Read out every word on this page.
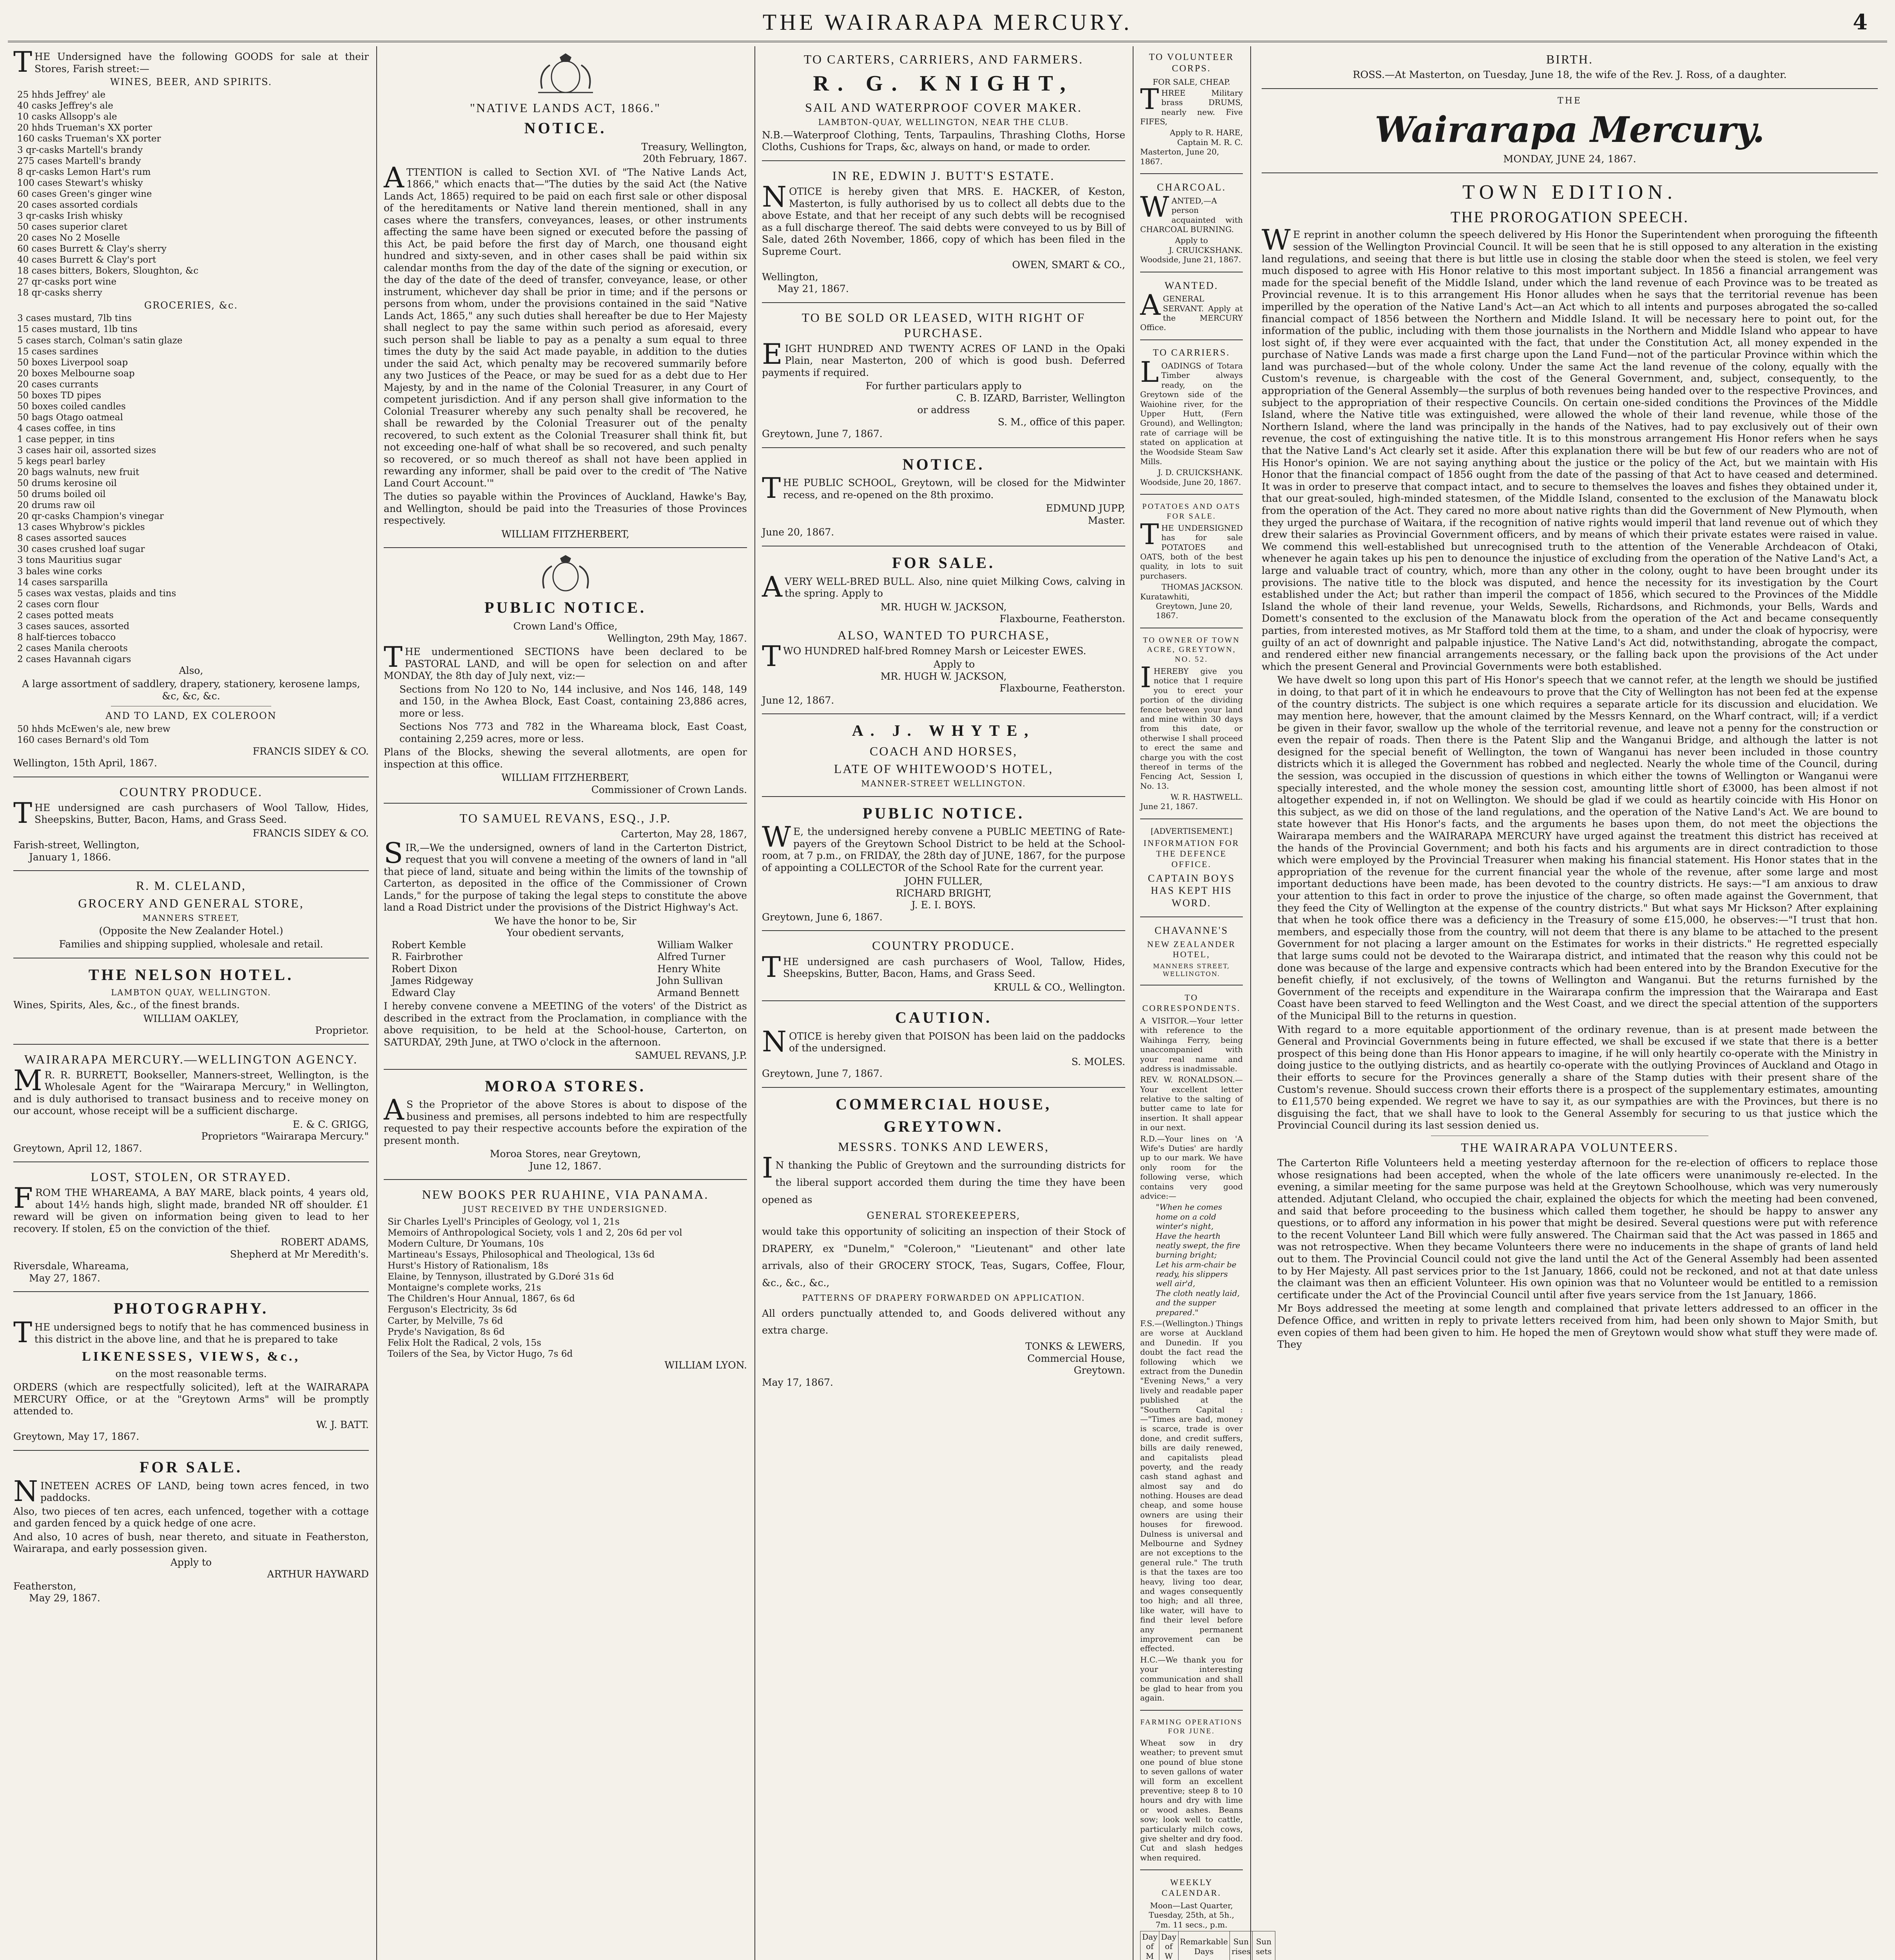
THE WAIRARAPA MERCURY.	4

THE Undersigned have the following GOODS for sale at their Stores, Farish street:—

WINES, BEER, AND SPIRITS.
25 hhds Jeffrey' ale
40 casks Jeffrey's ale
10 casks Allsopp's ale
20 hhds Trueman's XX porter
160 casks Trueman's XX porter
3 qr-casks Martell's brandy
275 cases Martell's brandy
8 qr-casks Lemon Hart's rum
100 cases Stewart's whisky
60 cases Green's ginger wine
20 cases assorted cordials
3 qr-casks Irish whisky
50 cases superior claret
20 cases No 2 Moselle
60 cases Burrett & Clay's sherry
40 cases Burrett & Clay's port
18 cases bitters, Bokers, Sloughton, &c
27 qr-casks port wine
18 qr-casks sherry
GROCERIES, &c.
3 cases mustard, 7lb tins
15 cases mustard, 1lb tins
5 cases starch, Colman's satin glaze
15 cases sardines
50 boxes Liverpool soap
20 boxes Melbourne soap
20 cases currants
50 boxes TD pipes
50 boxes coiled candles
50 bags Otago oatmeal
4 cases coffee, in tins
1 case pepper, in tins
3 cases hair oil, assorted sizes
5 kegs pearl barley
20 bags walnuts, new fruit
50 drums kerosine oil
50 drums boiled oil
20 drums raw oil
20 qr-casks Champion's vinegar
13 cases Whybrow's pickles
8 cases assorted sauces
30 cases crushed loaf sugar
3 tons Mauritius sugar
3 bales wine corks
14 cases sarsparilla
5 cases wax vestas, plaids and tins
2 cases corn flour
2 cases potted meats
3 cases sauces, assorted
8 half-tierces tobacco
2 cases Manila cheroots
2 cases Havannah cigars
Also,

A large assortment of saddlery, drapery, stationery, kerosene lamps, &c, &c, &c.

AND TO LAND, EX COLEROON
50 hhds McEwen's ale, new brew
160 cases Bernard's old Tom
FRANCIS SIDEY & CO.
Wellington, 15th April, 1867.
COUNTRY PRODUCE.

THE undersigned are cash purchasers of Wool Tallow, Hides, Sheepskins, Butter, Bacon, Hams, and Grass Seed.

FRANCIS SIDEY & CO.
Farish-street, Wellington,
January 1, 1866.
R. M. CLELAND,
GROCERY AND GENERAL STORE,
MANNERS STREET,
(Opposite the New Zealander Hotel.)

Families and shipping supplied, wholesale and retail.

THE NELSON HOTEL.
LAMBTON QUAY, WELLINGTON.

Wines, Spirits, Ales, &c., of the finest brands.

WILLIAM OAKLEY,
Proprietor.
WAIRARAPA MERCURY.—WELLINGTON AGENCY.

MR. R. BURRETT, Bookseller, Manners-street, Wellington, is the Wholesale Agent for the "Wairarapa Mercury," in Wellington, and is duly authorised to transact business and to receive money on our account, whose receipt will be a sufficient discharge.

E. & C. GRIGG,
Proprietors "Wairarapa Mercury."
Greytown, April 12, 1867.
LOST, STOLEN, OR STRAYED.

FROM THE WHAREAMA, A BAY MARE, black points, 4 years old, about 14½ hands high, slight made, branded NR off shoulder. £1 reward will be given on information being given to lead to her recovery. If stolen, £5 on the conviction of the thief.

ROBERT ADAMS,
Shepherd at Mr Meredith's.
Riversdale, Whareama,
May 27, 1867.
PHOTOGRAPHY.

THE undersigned begs to notify that he has commenced business in this district in the above line, and that he is prepared to take

LIKENESSES, VIEWS, &c.,
on the most reasonable terms.

ORDERS (which are respectfully solicited), left at the WAIRARAPA MERCURY Office, or at the "Greytown Arms" will be promptly attended to.

W. J. BATT.
Greytown, May 17, 1867.
FOR SALE.

NINETEEN ACRES OF LAND, being town acres fenced, in two paddocks.

Also, two pieces of ten acres, each unfenced, together with a cottage and garden fenced by a quick hedge of one acre.

And also, 10 acres of bush, near thereto, and situate in Featherston, Wairarapa, and early possession given.

Apply to
ARTHUR HAYWARD
Featherston,
May 29, 1867.
"NATIVE LANDS ACT, 1866."
NOTICE.
Treasury, Wellington,
20th February, 1867.

ATTENTION is called to Section XVI. of "The Native Lands Act, 1866," which enacts that—"The duties by the said Act (the Native Lands Act, 1865) required to be paid on each first sale or other disposal of the hereditaments or Native land therein mentioned, shall in any cases where the transfers, conveyances, leases, or other instruments affecting the same have been signed or executed before the passing of this Act, be paid before the first day of March, one thousand eight hundred and sixty-seven, and in other cases shall be paid within six calendar months from the day of the date of the signing or execution, or the day of the date of the deed of transfer, conveyance, lease, or other instrument, whichever day shall be prior in time; and if the persons or persons from whom, under the provisions contained in the said "Native Lands Act, 1865," any such duties shall hereafter be due to Her Majesty shall neglect to pay the same within such period as aforesaid, every such person shall be liable to pay as a penalty a sum equal to three times the duty by the said Act made payable, in addition to the duties under the said Act, which penalty may be recovered summarily before any two Justices of the Peace, or may be sued for as a debt due to Her Majesty, by and in the name of the Colonial Treasurer, in any Court of competent jurisdiction. And if any person shall give information to the Colonial Treasurer whereby any such penalty shall be recovered, he shall be rewarded by the Colonial Treasurer out of the penalty recovered, to such extent as the Colonial Treasurer shall think fit, but not exceeding one-half of what shall be so recovered, and such penalty so recovered, or so much thereof as shall not have been applied in rewarding any informer, shall be paid over to the credit of 'The Native Land Court Account.'"

The duties so payable within the Provinces of Auckland, Hawke's Bay, and Wellington, should be paid into the Treasuries of those Provinces respectively.

WILLIAM FITZHERBERT,
PUBLIC NOTICE.
Crown Land's Office,
Wellington, 29th May, 1867.

THE undermentioned SECTIONS have been declared to be PASTORAL LAND, and will be open for selection on and after MONDAY, the 8th day of July next, viz:—

Sections from No 120 to No, 144 inclusive, and Nos 146, 148, 149 and 150, in the Awhea Block, East Coast, containing 23,886 acres, more or less.

Sections Nos 773 and 782 in the Whareama block, East Coast, containing 2,259 acres, more or less.

Plans of the Blocks, shewing the several allotments, are open for inspection at this office.

WILLIAM FITZHERBERT,
Commissioner of Crown Lands.
TO SAMUEL REVANS, ESQ., J.P.
Carterton, May 28, 1867,

SIR,—We the undersigned, owners of land in the Carterton District, request that you will convene a meeting of the owners of land in "all that piece of land, situate and being within the limits of the township of Carterton, as deposited in the office of the Commissioner of Crown Lands," for the purpose of taking the legal steps to constitute the above land a Road District under the provisions of the District Highway's Act.

We have the honor to be, Sir
Your obedient servants,
Robert Kemble
R. Fairbrother
Robert Dixon
James Ridgeway
Edward Clay
William Walker
Alfred Turner
Henry White
John Sullivan
Armand Bennett

I hereby convene convene a MEETING of the voters' of the District as described in the extract from the Proclamation, in compliance with the above requisition, to be held at the School-house, Carterton, on SATURDAY, 29th June, at TWO o'clock in the afternoon.

SAMUEL REVANS, J.P.
MOROA STORES.

AS the Proprietor of the above Stores is about to dispose of the business and premises, all persons indebted to him are respectfully requested to pay their respective accounts before the expiration of the present month.

Moroa Stores, near Greytown,
June 12, 1867.
NEW BOOKS PER RUAHINE, VIA PANAMA.
JUST RECEIVED BY THE UNDERSIGNED.
Sir Charles Lyell's Principles of Geology, vol 1, 21s
Memoirs of Anthropological Society, vols 1 and 2, 20s 6d per vol
Modern Culture, Dr Youmans, 10s
Martineau's Essays, Philosophical and Theological, 13s 6d
Hurst's History of Rationalism, 18s
Elaine, by Tennyson, illustrated by G.Doré 31s 6d
Montaigne's complete works, 21s
The Children's Hour Annual, 1867, 6s 6d
Ferguson's Electricity, 3s 6d
Carter, by Melville, 7s 6d
Pryde's Navigation, 8s 6d
Felix Holt the Radical, 2 vols, 15s
Toilers of the Sea, by Victor Hugo, 7s 6d
WILLIAM LYON.
TO CARTERS, CARRIERS, AND FARMERS.
R. G. KNIGHT,
SAIL AND WATERPROOF COVER MAKER.
LAMBTON-QUAY, WELLINGTON, NEAR THE CLUB.

N.B.—Waterproof Clothing, Tents, Tarpaulins, Thrashing Cloths, Horse Cloths, Cushions for Traps, &c, always on hand, or made to order.

IN RE, EDWIN J. BUTT'S ESTATE.

NOTICE is hereby given that MRS. E. HACKER, of Keston, Masterton, is fully authorised by us to collect all debts due to the above Estate, and that her receipt of any such debts will be recognised as a full discharge thereof. The said debts were conveyed to us by Bill of Sale, dated 26th November, 1866, copy of which has been filed in the Supreme Court.

OWEN, SMART & CO.,
Wellington,
May 21, 1867.
TO BE SOLD OR LEASED, WITH RIGHT OF PURCHASE.

EIGHT HUNDRED AND TWENTY ACRES OF LAND in the Opaki Plain, near Masterton, 200 of which is good bush. Deferred payments if required.

For further particulars apply to
C. B. IZARD, Barrister, Wellington
or address
S. M., office of this paper.
Greytown, June 7, 1867.
NOTICE.

THE PUBLIC SCHOOL, Greytown, will be closed for the Midwinter recess, and re-opened on the 8th proximo.

EDMUND JUPP,
Master.
June 20, 1867.
FOR SALE.

AVERY WELL-BRED BULL. Also, nine quiet Milking Cows, calving in the spring. Apply to

MR. HUGH W. JACKSON,
Flaxbourne, Featherston.
ALSO, WANTED TO PURCHASE,

TWO HUNDRED half-bred Romney Marsh or Leicester EWES.

Apply to
MR. HUGH W. JACKSON,
Flaxbourne, Featherston.
June 12, 1867.
A. J. WHYTE,
COACH AND HORSES,
LATE OF WHITEWOOD'S HOTEL,
MANNER-STREET WELLINGTON.
PUBLIC NOTICE.

WE, the undersigned hereby convene a PUBLIC MEETING of Rate-payers of the Greytown School District to be held at the School-room, at 7 p.m., on FRIDAY, the 28th day of JUNE, 1867, for the purpose of appointing a COLLECTOR of the School Rate for the current year.

JOHN FULLER,
RICHARD BRIGHT,
J. E. I. BOYS.
Greytown, June 6, 1867.
COUNTRY PRODUCE.

THE undersigned are cash purchasers of Wool, Tallow, Hides, Sheepskins, Butter, Bacon, Hams, and Grass Seed.

KRULL & CO., Wellington.
CAUTION.

NOTICE is hereby given that POISON has been laid on the paddocks of the undersigned.

S. MOLES.
Greytown, June 7, 1867.
COMMERCIAL HOUSE,
GREYTOWN.
MESSRS. TONKS AND LEWERS,

IN thanking the Public of Greytown and the surrounding districts for the liberal support accorded them during the time they have been opened as

GENERAL STOREKEEPERS,

would take this opportunity of soliciting an inspection of their Stock of DRAPERY, ex "Dunelm," "Coleroon," "Lieutenant" and other late arrivals, also of their GROCERY STOCK, Teas, Sugars, Coffee, Flour, &c., &c., &c.,

PATTERNS OF DRAPERY FORWARDED ON APPLICATION.

All orders punctually attended to, and Goods delivered without any extra charge.

TONKS & LEWERS,
Commercial House,
Greytown.
May 17, 1867.
TO VOLUNTEER CORPS.
FOR SALE, CHEAP.

THREE Military brass DRUMS, nearly new. Five FIFES,

Apply to R. HARE,
Captain M. R. C.
Masterton, June 20, 1867.
CHARCOAL.

WANTED,—A person acquainted with CHARCOAL BURNING.

Apply to
J. CRUICKSHANK.
Woodside, June 21, 1867.
WANTED.

AGENERAL SERVANT. Apply at the MERCURY Office.

TO CARRIERS.

LOADINGS of Totara Timber always ready, on the Greytown side of the Waiohine river, for the Upper Hutt, (Fern Ground), and Wellington; rate of carriage will be stated on application at the Woodside Steam Saw Mills.

J. D. CRUICKSHANK.
Woodside, June 20, 1867.
POTATOES AND OATS FOR SALE.

THE UNDERSIGNED has for sale POTATOES and OATS, both of the best quality, in lots to suit purchasers.

THOMAS JACKSON.
Kuratawhiti,
Greytown, June 20, 1867.
TO OWNER OF TOWN ACRE, GREYTOWN, NO. 52.

IHEREBY give you notice that I require you to erect your portion of the dividing fence between your land and mine within 30 days from this date, or otherwise I shall proceed to erect the same and charge you with the cost thereof in terms of the Fencing Act, Session I, No. 13.

W. R. HASTWELL.
June 21, 1867.
[ADVERTISEMENT.]
INFORMATION FOR THE DEFENCE OFFICE.
CAPTAIN BOYS HAS KEPT HIS WORD.
CHAVANNE'S
NEW ZEALANDER HOTEL,
MANNERS STREET, WELLINGTON.
TO CORRESPONDENTS.

A VISITOR.—Your letter with reference to the Waihinga Ferry, being unaccompanied with your real name and address is inadmissable.

REV. W. RONALDSON.—Your excellent letter relative to the salting of butter came to late for insertion. It shall appear in our next.

R.D.—Your lines on 'A Wife's Duties' are hardly up to our mark. We have only room for the following verse, which contains very good advice:—

"When he comes home on a cold winter's night,
Have the hearth neatly swept, the fire burning bright;
Let his arm-chair be ready, his slippers well air'd,
The cloth neatly laid, and the supper prepared."

F.S.—(Wellington.) Things are worse at Auckland and Dunedin. If you doubt the fact read the following which we extract from the Dunedin "Evening News," a very lively and readable paper published at the "Southern Capital :—"Times are bad, money is scarce, trade is over done, and credit suffers, bills are daily renewed, and capitalists plead poverty, and the ready cash stand aghast and almost say and do nothing. Houses are dead cheap, and some house owners are using their houses for firewood. Dulness is universal and Melbourne and Sydney are not exceptions to the general rule." The truth is that the taxes are too heavy, living too dear, and wages consequently too high; and all three, like water, will have to find their level before any permanent improvement can be effected.

H.C.—We thank you for your interesting communication and shall be glad to hear from you again.

FARMING OPERATIONS FOR JUNE.

Wheat sow in dry weather; to prevent smut one pound of blue stone to seven gallons of water will form an excellent preventive; steep 8 to 10 hours and dry with lime or wood ashes. Beans sow; look well to cattle, particularly milch cows, give shelter and dry food. Cut and slash hedges when required.

WEEKLY CALENDAR.

Moon—Last Quarter, Tuesday, 25th, at 5h., 7m. 11 secs., p.m.

Day of M	Day of W	Remarkable Days	Sun rises	Sun sets

BIRTH.

ROSS.—At Masterton, on Tuesday, June 18, the wife of the Rev. J. Ross, of a daughter.

THE
Wairarapa Mercury.
MONDAY, JUNE 24, 1867.
TOWN EDITION.
THE PROROGATION SPEECH.

WE reprint in another column the speech delivered by His Honor the Superintendent when proroguing the fifteenth session of the Wellington Provincial Council. It will be seen that he is still opposed to any alteration in the existing land regulations, and seeing that there is but little use in closing the stable door when the steed is stolen, we feel very much disposed to agree with His Honor relative to this most important subject. In 1856 a financial arrangement was made for the special benefit of the Middle Island, under which the land revenue of each Province was to be treated as Provincial revenue. It is to this arrangement His Honor alludes when he says that the territorial revenue has been imperilled by the operation of the Native Land's Act—an Act which to all intents and purposes abrogated the so-called financial compact of 1856 between the Northern and Middle Island. It will be necessary here to point out, for the information of the public, including with them those journalists in the Northern and Middle Island who appear to have lost sight of, if they were ever acquainted with the fact, that under the Constitution Act, all money expended in the purchase of Native Lands was made a first charge upon the Land Fund—not of the particular Province within which the land was purchased—but of the whole colony. Under the same Act the land revenue of the colony, equally with the Custom's revenue, is chargeable with the cost of the General Government, and, subject, consequently, to the appropriation of the General Assembly—the surplus of both revenues being handed over to the respective Provinces, and subject to the appropriation of their respective Councils. On certain one-sided conditions the Provinces of the Middle Island, where the Native title was extinguished, were allowed the whole of their land revenue, while those of the Northern Island, where the land was principally in the hands of the Natives, had to pay exclusively out of their own revenue, the cost of extinguishing the native title. It is to this monstrous arrangement His Honor refers when he says that the Native Land's Act clearly set it aside. After this explanation there will be but few of our readers who are not of His Honor's opinion. We are not saying anything about the justice or the policy of the Act, but we maintain with His Honor that the financial compact of 1856 ought from the date of the passing of that Act to have ceased and determined. It was in order to preserve that compact intact, and to secure to themselves the loaves and fishes they obtained under it, that our great-souled, high-minded statesmen, of the Middle Island, consented to the exclusion of the Manawatu block from the operation of the Act. They cared no more about native rights than did the Government of New Plymouth, when they urged the purchase of Waitara, if the recognition of native rights would imperil that land revenue out of which they drew their salaries as Provincial Government officers, and by means of which their private estates were raised in value. We commend this well-established but unrecognised truth to the attention of the Venerable Archdeacon of Otaki, whenever he again takes up his pen to denounce the injustice of excluding from the operation of the Native Land's Act, a large and valuable tract of country, which, more than any other in the colony, ought to have been brought under its provisions. The native title to the block was disputed, and hence the necessity for its investigation by the Court established under the Act; but rather than imperil the compact of 1856, which secured to the Provinces of the Middle Island the whole of their land revenue, your Welds, Sewells, Richardsons, and Richmonds, your Bells, Wards and Domett's consented to the exclusion of the Manawatu block from the operation of the Act and became consequently parties, from interested motives, as Mr Stafford told them at the time, to a sham, and under the cloak of hypocrisy, were guilty of an act of downright and palpable injustice. The Native Land's Act did, notwithstanding, abrogate the compact, and rendered either new financial arrangements necessary, or the falling back upon the provisions of the Act under which the present General and Provincial Governments were both established.

We have dwelt so long upon this part of His Honor's speech that we cannot refer, at the length we should be justified in doing, to that part of it in which he endeavours to prove that the City of Wellington has not been fed at the expense of the country districts. The subject is one which requires a separate article for its discussion and elucidation. We may mention here, however, that the amount claimed by the Messrs Kennard, on the Wharf contract, will; if a verdict be given in their favor, swallow up the whole of the territorial revenue, and leave not a penny for the construction or even the repair of roads. Then there is the Patent Slip and the Wanganui Bridge, and although the latter is not designed for the special benefit of Wellington, the town of Wanganui has never been included in those country districts which it is alleged the Government has robbed and neglected. Nearly the whole time of the Council, during the session, was occupied in the discussion of questions in which either the towns of Wellington or Wanganui were specially interested, and the whole money the session cost, amounting little short of £3000, has been almost if not altogether expended in, if not on Wellington. We should be glad if we could as heartily coincide with His Honor on this subject, as we did on those of the land regulations, and the operation of the Native Land's Act. We are bound to state however that His Honor's facts, and the arguments he bases upon them, do not meet the objections the Wairarapa members and the WAIRARAPA MERCURY have urged against the treatment this district has received at the hands of the Provincial Government; and both his facts and his arguments are in direct contradiction to those which were employed by the Provincial Treasurer when making his financial statement. His Honor states that in the appropriation of the revenue for the current financial year the whole of the revenue, after some large and most important deductions have been made, has been devoted to the country districts. He says:—"I am anxious to draw your attention to this fact in order to prove the injustice of the charge, so often made against the Government, that they feed the City of Wellington at the expense of the country districts." But what says Mr Hickson? After explaining that when he took office there was a deficiency in the Treasury of some £15,000, he observes:—"I trust that hon. members, and especially those from the country, will not deem that there is any blame to be attached to the present Government for not placing a larger amount on the Estimates for works in their districts." He regretted especially that large sums could not be devoted to the Wairarapa district, and intimated that the reason why this could not be done was because of the large and expensive contracts which had been entered into by the Brandon Executive for the benefit chiefly, if not exclusively, of the towns of Wellington and Wanganui. But the returns furnished by the Government of the receipts and expenditure in the Wairarapa confirm the impression that the Wairarapa and East Coast have been starved to feed Wellington and the West Coast, and we direct the special attention of the supporters of the Municipal Bill to the returns in question.

With regard to a more equitable apportionment of the ordinary revenue, than is at present made between the General and Provincial Governments being in future effected, we shall be excused if we state that there is a better prospect of this being done than His Honor appears to imagine, if he will only heartily co-operate with the Ministry in doing justice to the outlying districts, and as heartily co-operate with the outlying Provinces of Auckland and Otago in their efforts to secure for the Provinces generally a share of the Stamp duties with their present share of the Custom's revenue. Should success crown their efforts there is a prospect of the supplementary estimates, amounting to £11,570 being expended. We regret we have to say it, as our sympathies are with the Provinces, but there is no disguising the fact, that we shall have to look to the General Assembly for securing to us that justice which the Provincial Council during its last session denied us.

THE WAIRARAPA VOLUNTEERS.

The Carterton Rifle Volunteers held a meeting yesterday afternoon for the re-election of officers to replace those whose resignations had been accepted, when the whole of the late officers were unanimously re-elected. In the evening, a similar meeting for the same purpose was held at the Greytown Schoolhouse, which was very numerously attended. Adjutant Cleland, who occupied the chair, explained the objects for which the meeting had been convened, and said that before proceeding to the business which called them together, he should be happy to answer any questions, or to afford any information in his power that might be desired. Several questions were put with reference to the recent Volunteer Land Bill which were fully answered. The Chairman said that the Act was passed in 1865 and was not retrospective. When they became Volunteers there were no inducements in the shape of grants of land held out to them. The Provincial Council could not give the land until the Act of the General Assembly had been assented to by Her Majesty. All past services prior to the 1st January, 1866, could not be reckoned, and not at that date unless the claimant was then an efficient Volunteer. His own opinion was that no Volunteer would be entitled to a remission certificate under the Act of the Provincial Council until after five years service from the 1st January, 1866.

Mr Boys addressed the meeting at some length and complained that private letters addressed to an officer in the Defence Office, and written in reply to private letters received from him, had been only shown to Major Smith, but even copies of them had been given to him. He hoped the men of Greytown would show what stuff they were made of. They
